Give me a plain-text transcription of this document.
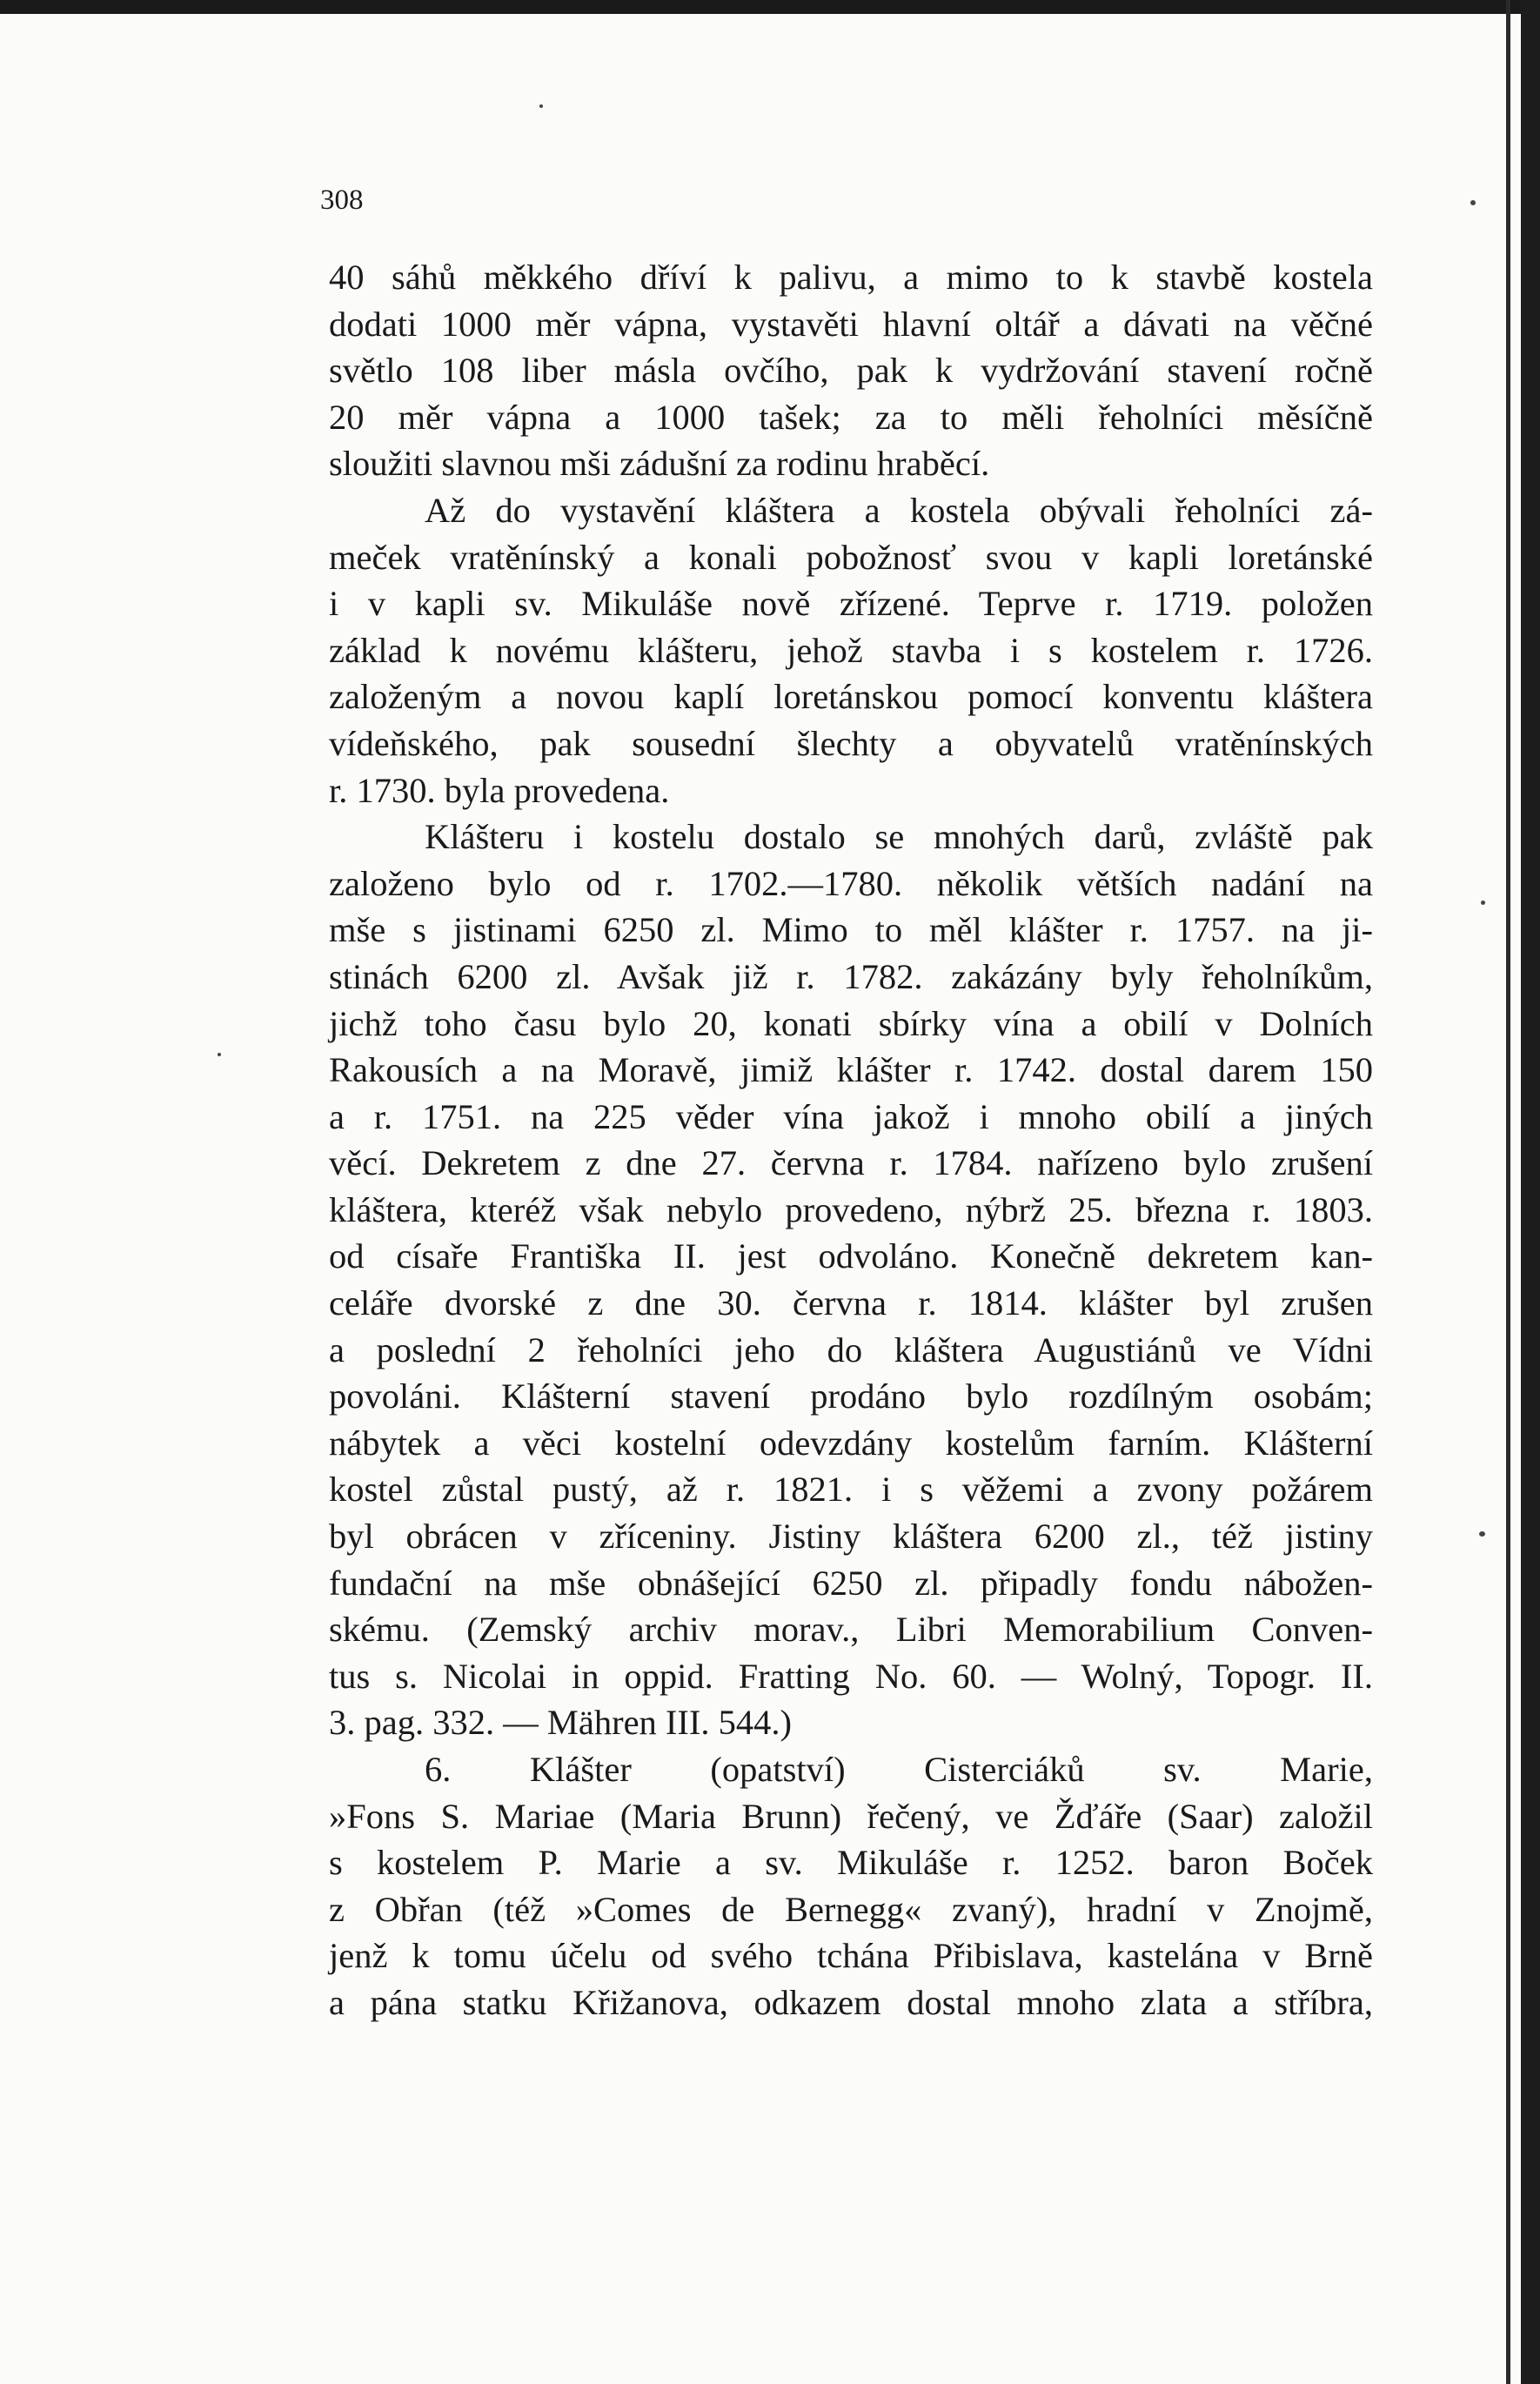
308
40 sáhů měkkého dříví k palivu, a mimo to k stavbě kostela
dodati 1000 měr vápna, vystavěti hlavní oltář a dávati na věčné
světlo 108 liber másla ovčího, pak k vydržování stavení ročně
20 měr vápna a 1000 tašek; za to měli řeholníci měsíčně
sloužiti slavnou mši zádušní za rodinu hraběcí.
Až do vystavění kláštera a kostela obývali řeholníci zá-
meček vratěnínský a konali pobožnosť svou v kapli loretánské
i v kapli sv. Mikuláše nově zřízené. Teprve r. 1719. položen
základ k novému klášteru, jehož stavba i s kostelem r. 1726.
založeným a novou kaplí loretánskou pomocí konventu kláštera
vídeňského, pak sousední šlechty a obyvatelů vratěnínských
r. 1730. byla provedena.
Klášteru i kostelu dostalo se mnohých darů, zvláště pak
založeno bylo od r. 1702.—1780. několik větších nadání na
mše s jistinami 6250 zl. Mimo to měl klášter r. 1757. na ji-
stinách 6200 zl. Avšak již r. 1782. zakázány byly řeholníkům,
jichž toho času bylo 20, konati sbírky vína a obilí v Dolních
Rakousích a na Moravě, jimiž klášter r. 1742. dostal darem 150
a r. 1751. na 225 věder vína jakož i mnoho obilí a jiných
věcí. Dekretem z dne 27. června r. 1784. nařízeno bylo zrušení
kláštera, kteréž však nebylo provedeno, nýbrž 25. března r. 1803.
od císaře Františka II. jest odvoláno. Konečně dekretem kan-
celáře dvorské z dne 30. června r. 1814. klášter byl zrušen
a poslední 2 řeholníci jeho do kláštera Augustiánů ve Vídni
povoláni. Klášterní stavení prodáno bylo rozdílným osobám;
nábytek a věci kostelní odevzdány kostelům farním. Klášterní
kostel zůstal pustý, až r. 1821. i s věžemi a zvony požárem
byl obrácen v zříceniny. Jistiny kláštera 6200 zl., též jistiny
fundační na mše obnášející 6250 zl. připadly fondu nábožen-
skému. (Zemský archiv morav., Libri Memorabilium Conven-
tus s. Nicolai in oppid. Fratting No. 60. — Wolný, Topogr. II.
3. pag. 332. — Mähren III. 544.)
6. Klášter (opatství) Cisterciáků sv. Marie,
»Fons S. Mariae (Maria Brunn) řečený, ve Žďáře (Saar) založil
s kostelem P. Marie a sv. Mikuláše r. 1252. baron Boček
z Obřan (též »Comes de Bernegg« zvaný), hradní v Znojmě,
jenž k tomu účelu od svého tchána Přibislava, kastelána v Brně
a pána statku Křižanova, odkazem dostal mnoho zlata a stříbra,
